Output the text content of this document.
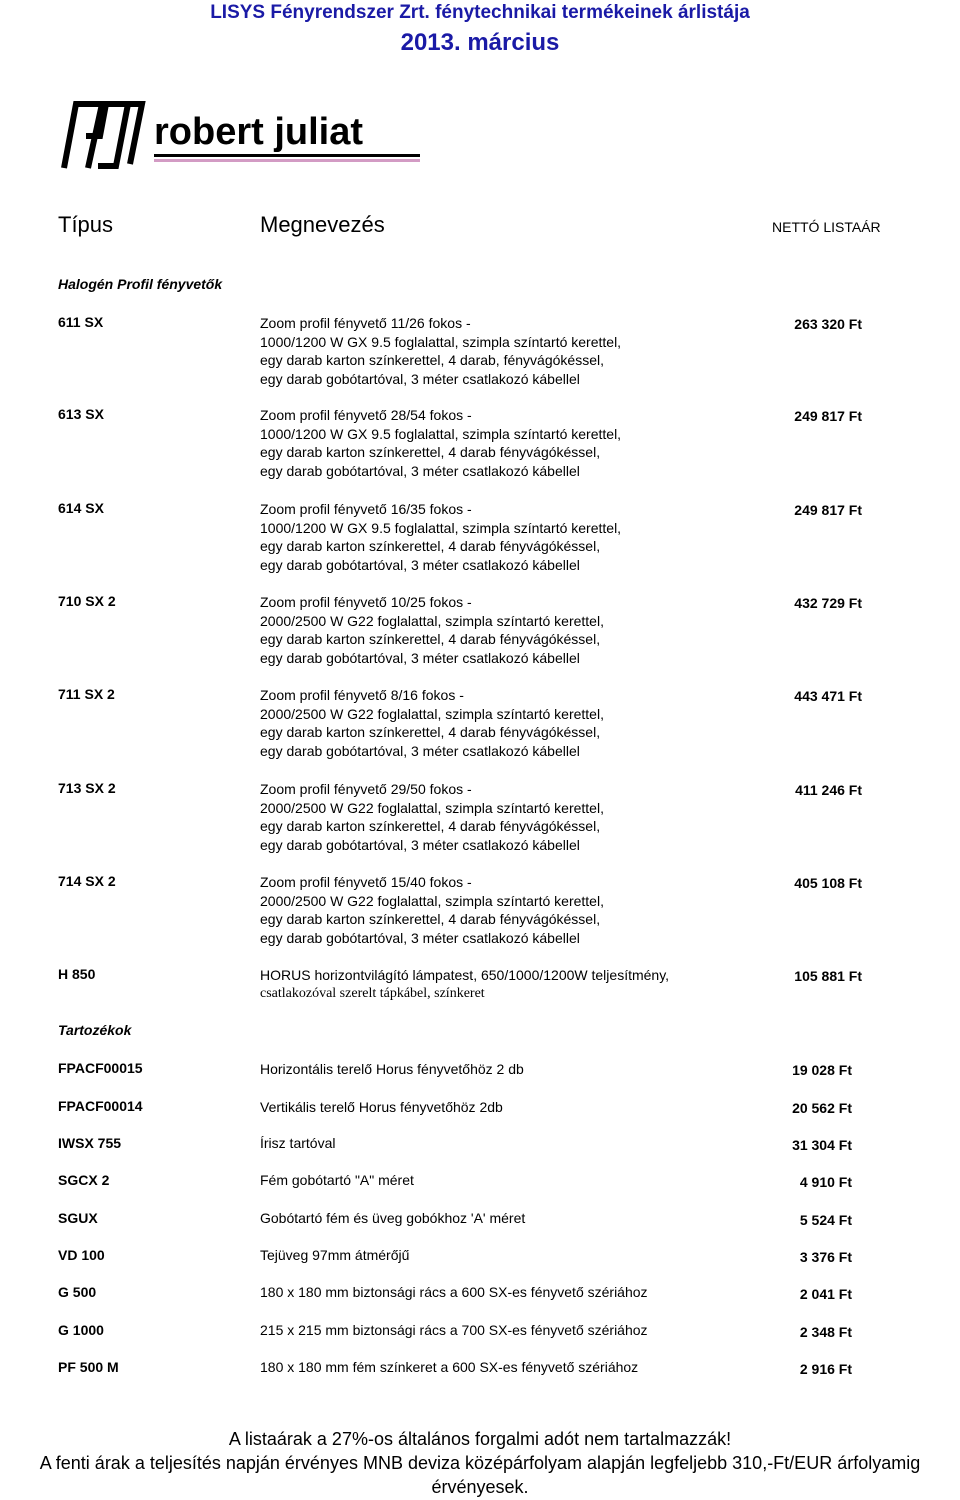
LISYS Fényrendszer Zrt. fénytechnikai termékeinek árlistája
2013. március
robert juliat
Típus	Megnevezés	NETTÓ LISTAÁR
Halogén Profil fényvetők
611 SX	Zoom profil fényvető 11/26 fokos -
1000/1200 W GX 9.5 foglalattal, szimpla színtartó kerettel,
egy darab karton színkerettel, 4 darab, fényvágókéssel,
egy darab gobótartóval, 3 méter csatlakozó kábellel
263 320 Ft
613 SX	Zoom profil fényvető 28/54 fokos -
1000/1200 W GX 9.5 foglalattal, szimpla színtartó kerettel,
egy darab karton színkerettel, 4 darab fényvágókéssel,
egy darab gobótartóval, 3 méter csatlakozó kábellel
249 817 Ft
614 SX	Zoom profil fényvető 16/35 fokos -
1000/1200 W GX 9.5 foglalattal, szimpla színtartó kerettel,
egy darab karton színkerettel, 4 darab fényvágókéssel,
egy darab gobótartóval, 3 méter csatlakozó kábellel
249 817 Ft
710 SX 2	Zoom profil fényvető 10/25 fokos -
2000/2500 W G22 foglalattal, szimpla színtartó kerettel,
egy darab karton színkerettel, 4 darab fényvágókéssel,
egy darab gobótartóval, 3 méter csatlakozó kábellel
432 729 Ft
711 SX 2	Zoom profil fényvető 8/16 fokos -
2000/2500 W G22 foglalattal, szimpla színtartó kerettel,
egy darab karton színkerettel, 4 darab fényvágókéssel,
egy darab gobótartóval, 3 méter csatlakozó kábellel
443 471 Ft
713 SX 2	Zoom profil fényvető 29/50 fokos -
2000/2500 W G22 foglalattal, szimpla színtartó kerettel,
egy darab karton színkerettel, 4 darab fényvágókéssel,
egy darab gobótartóval, 3 méter csatlakozó kábellel
411 246 Ft
714 SX 2	Zoom profil fényvető 15/40 fokos -
2000/2500 W G22 foglalattal, szimpla színtartó kerettel,
egy darab karton színkerettel, 4 darab fényvágókéssel,
egy darab gobótartóval, 3 méter csatlakozó kábellel
405 108 Ft
H 850	HORUS horizontvilágító lámpatest, 650/1000/1200W teljesítmény,
csatlakozóval szerelt tápkábel, színkeret
105 881 Ft
Tartozékok
FPACF00015	Horizontális terelő Horus fényvetőhöz 2 db	19 028 Ft
FPACF00014	Vertikális terelő Horus fényvetőhöz 2db	20 562 Ft
IWSX 755	Írisz tartóval	31 304 Ft
SGCX 2	Fém gobótartó "A" méret	4 910 Ft
SGUX	Gobótartó fém és üveg gobókhoz 'A' méret	5 524 Ft
VD 100	Tejüveg 97mm átmérőjű	3 376 Ft
G 500	180 x 180 mm biztonsági rács a 600 SX-es fényvető szériához	2 041 Ft
G 1000	215 x 215 mm biztonsági rács a 700 SX-es fényvető szériához	2 348 Ft
PF 500 M	180 x 180 mm fém színkeret a 600 SX-es fényvető szériához	2 916 Ft
A listaárak a 27%-os általános forgalmi adót nem tartalmazzák!
A fenti árak a teljesítés napján érvényes MNB deviza középárfolyam alapján legfeljebb 310,-Ft/EUR árfolyamig
érvényesek.
